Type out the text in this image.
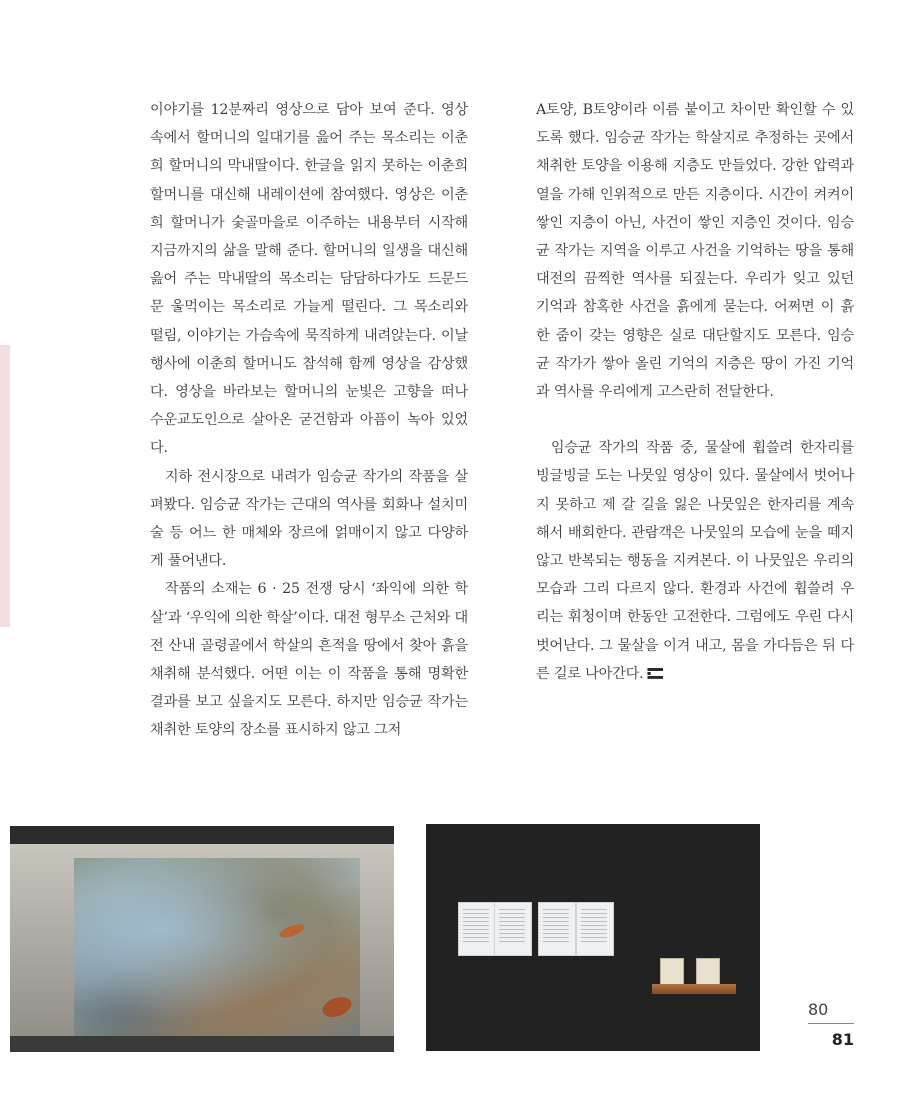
이야기를 12분짜리 영상으로 담아 보여 준다. 영상 속에서 할머니의 일대기를 읊어 주는 목소리는 이춘희 할머니의 막내딸이다. 한글을 읽지 못하는 이춘희 할머니를 대신해 내레이션에 참여했다. 영상은 이춘희 할머니가 숯골마을로 이주하는 내용부터 시작해 지금까지의 삶을 말해 준다. 할머니의 일생을 대신해 읊어 주는 막내딸의 목소리는 담담하다가도 드문드문 울먹이는 목소리로 가늘게 떨린다. 그 목소리와 떨림, 이야기는 가슴속에 묵직하게 내려앉는다. 이날 행사에 이춘희 할머니도 참석해 함께 영상을 감상했다. 영상을 바라보는 할머니의 눈빛은 고향을 떠나 수운교도인으로 살아온 굳건함과 아픔이 녹아 있었다.

지하 전시장으로 내려가 임승균 작가의 작품을 살펴봤다. 임승균 작가는 근대의 역사를 회화나 설치미술 등 어느 한 매체와 장르에 얽매이지 않고 다양하게 풀어낸다.

작품의 소재는 6 · 25 전쟁 당시 ‘좌익에 의한 학살’과 ‘우익에 의한 학살’이다. 대전 형무소 근처와 대전 산내 골령골에서 학살의 흔적을 땅에서 찾아 흙을 채취해 분석했다. 어떤 이는 이 작품을 통해 명확한 결과를 보고 싶을지도 모른다. 하지만 임승균 작가는 채취한 토양의 장소를 표시하지 않고 그저

A토양, B토양이라 이름 붙이고 차이만 확인할 수 있도록 했다. 임승균 작가는 학살지로 추정하는 곳에서 채취한 토양을 이용해 지층도 만들었다. 강한 압력과 열을 가해 인위적으로 만든 지층이다. 시간이 켜켜이 쌓인 지층이 아닌, 사건이 쌓인 지층인 것이다. 임승균 작가는 지역을 이루고 사건을 기억하는 땅을 통해 대전의 끔찍한 역사를 되짚는다. 우리가 잊고 있던 기억과 참혹한 사건을 흙에게 묻는다. 어쩌면 이 흙 한 줌이 갖는 영향은 실로 대단할지도 모른다. 임승균 작가가 쌓아 올린 기억의 지층은 땅이 가진 기억과 역사를 우리에게 고스란히 전달한다.

임승균 작가의 작품 중, 물살에 휩쓸려 한자리를 빙글빙글 도는 나뭇잎 영상이 있다. 물살에서 벗어나지 못하고 제 갈 길을 잃은 나뭇잎은 한자리를 계속해서 배회한다. 관람객은 나뭇잎의 모습에 눈을 떼지 않고 반복되는 행동을 지켜본다. 이 나뭇잎은 우리의 모습과 그리 다르지 않다. 환경과 사건에 휩쓸려 우리는 휘청이며 한동안 고전한다. 그럼에도 우린 다시 벗어난다. 그 물살을 이겨 내고, 몸을 가다듬은 뒤 다른 길로 나아간다.

80
81
